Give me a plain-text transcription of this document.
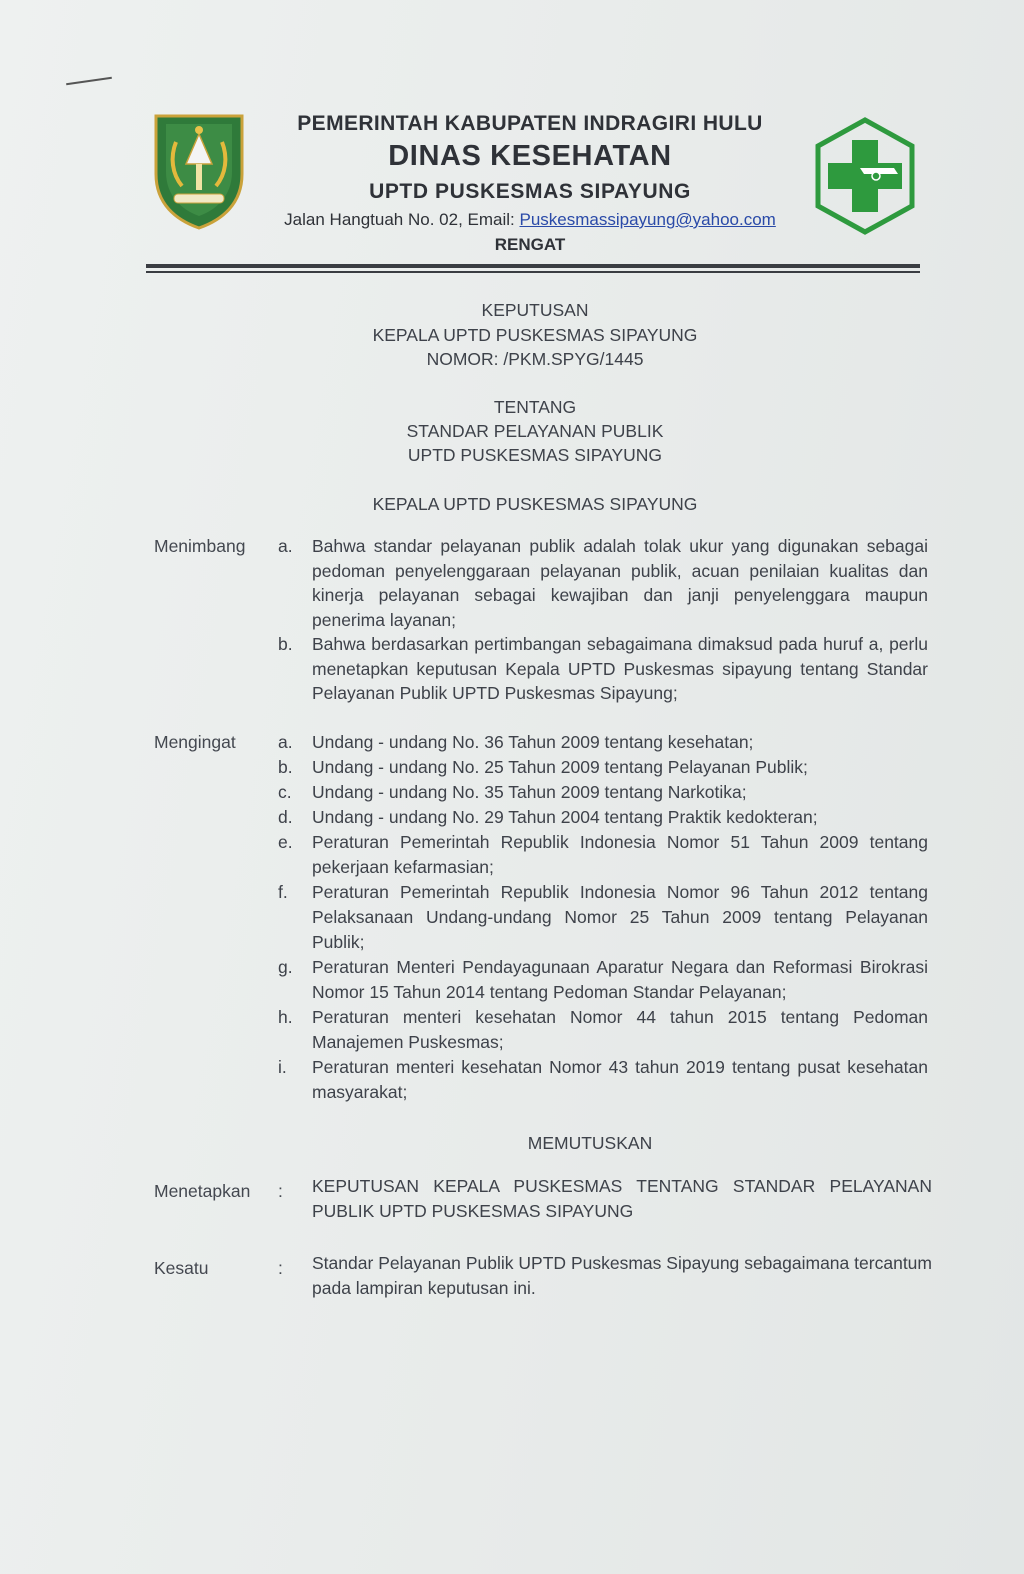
PEMERINTAH KABUPATEN INDRAGIRI HULU
DINAS KESEHATAN
UPTD PUSKESMAS SIPAYUNG
Jalan Hangtuah No. 02, Email: Puskesmassipayung@yahoo.com
RENGAT
KEPUTUSAN
KEPALA UPTD PUSKESMAS SIPAYUNG
NOMOR: /PKM.SPYG/1445
TENTANG
STANDAR PELAYANAN PUBLIK
UPTD PUSKESMAS SIPAYUNG
KEPALA UPTD PUSKESMAS SIPAYUNG
Menimbang a.	Bahwa standar pelayanan publik adalah tolak ukur yang digunakan sebagai pedoman penyelenggaraan pelayanan publik, acuan penilaian kualitas dan kinerja pelayanan sebagai kewajiban dan janji penyelenggara maupun penerima layanan;
b.	Bahwa berdasarkan pertimbangan sebagaimana dimaksud pada huruf a, perlu menetapkan keputusan Kepala UPTD Puskesmas sipayung tentang Standar Pelayanan Publik UPTD Puskesmas Sipayung;
Mengingat a.	Undang - undang No. 36 Tahun 2009 tentang kesehatan;
b.	Undang - undang No. 25 Tahun 2009 tentang Pelayanan Publik;
c.	Undang - undang No. 35 Tahun 2009 tentang Narkotika;
d.	Undang - undang No. 29 Tahun 2004 tentang Praktik kedokteran;
e.	Peraturan Pemerintah Republik Indonesia Nomor 51 Tahun 2009 tentang pekerjaan kefarmasian;
f.	Peraturan Pemerintah Republik Indonesia Nomor 96 Tahun 2012 tentang Pelaksanaan Undang-undang Nomor 25 Tahun 2009 tentang Pelayanan Publik;
g.	Peraturan Menteri Pendayagunaan Aparatur Negara dan Reformasi Birokrasi Nomor 15 Tahun 2014 tentang Pedoman Standar Pelayanan;
h.	Peraturan menteri kesehatan Nomor 44 tahun 2015 tentang Pedoman Manajemen Puskesmas;
i.	Peraturan menteri kesehatan Nomor 43 tahun 2019 tentang pusat kesehatan masyarakat;
MEMUTUSKAN
Menetapkan : KEPUTUSAN KEPALA PUSKESMAS TENTANG STANDAR PELAYANAN PUBLIK UPTD PUSKESMAS SIPAYUNG
Kesatu	: Standar Pelayanan Publik UPTD Puskesmas Sipayung sebagaimana tercantum pada lampiran keputusan ini.
